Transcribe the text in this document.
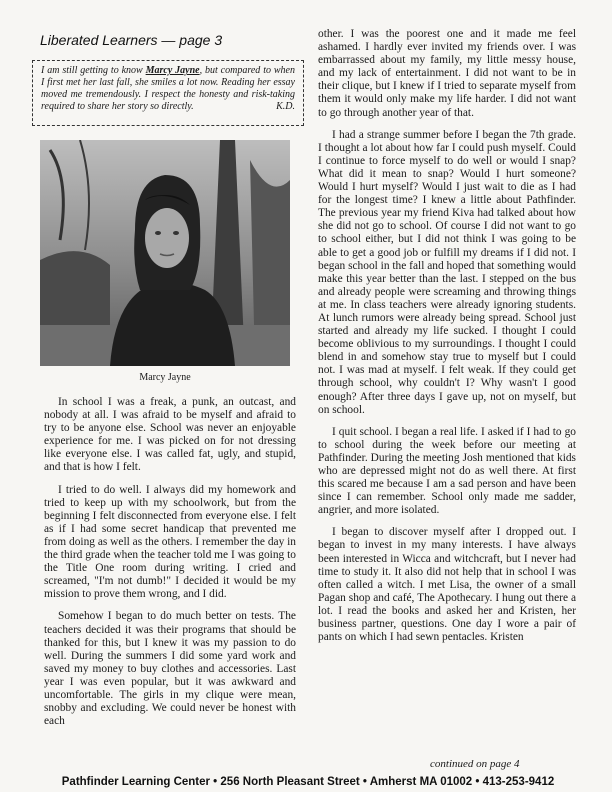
Liberated Learners — page 3
I am still getting to know Marcy Jayne, but compared to when I first met her last fall, she smiles a lot now. Reading her essay moved me tremendously. I respect the honesty and risk-taking required to share her story so directly.	K.D.
Marcy Jayne

In school I was a freak, a punk, an outcast, and nobody at all. I was afraid to be myself and afraid to try to be anyone else. School was never an enjoyable experience for me. I was picked on for not dressing like everyone else. I was called fat, ugly, and stupid, and that is how I felt.

I tried to do well. I always did my homework and tried to keep up with my schoolwork, but from the beginning I felt disconnected from everyone else. I felt as if I had some secret handicap that prevented me from doing as well as the others. I remember the day in the third grade when the teacher told me I was going to the Title One room during writing. I cried and screamed, "I'm not dumb!" I decided it would be my mission to prove them wrong, and I did.

Somehow I began to do much better on tests. The teachers decided it was their programs that should be thanked for this, but I knew it was my passion to do well. During the summers I did some yard work and saved my money to buy clothes and accessories. Last year I was even popular, but it was awkward and uncomfortable. The girls in my clique were mean, snobby and excluding. We could never be honest with each

other. I was the poorest one and it made me feel ashamed. I hardly ever invited my friends over. I was embarrassed about my family, my little messy house, and my lack of entertainment. I did not want to be in their clique, but I knew if I tried to separate myself from them it would only make my life harder. I did not want to go through another year of that.

I had a strange summer before I began the 7th grade. I thought a lot about how far I could push myself. Could I continue to force myself to do well or would I snap? What did it mean to snap? Would I hurt someone? Would I hurt myself? Would I just wait to die as I had for the longest time? I knew a little about Pathfinder. The previous year my friend Kiva had talked about how she did not go to school. Of course I did not want to go to school either, but I did not think I was going to be able to get a good job or fulfill my dreams if I did not. I began school in the fall and hoped that something would make this year better than the last. I stepped on the bus and already people were screaming and throwing things at me. In class teachers were already ignoring students. At lunch rumors were already being spread. School just started and already my life sucked. I thought I could become oblivious to my surroundings. I thought I could blend in and somehow stay true to myself but I could not. I was mad at myself. I felt weak. If they could get through school, why couldn't I? Why wasn't I good enough? After three days I gave up, not on myself, but on school.

I quit school. I began a real life. I asked if I had to go to school during the week before our meeting at Pathfinder. During the meeting Josh mentioned that kids who are depressed might not do as well there. At first this scared me because I am a sad person and have been since I can remember. School only made me sadder, angrier, and more isolated.

I began to discover myself after I dropped out. I began to invest in my many interests. I have always been interested in Wicca and witchcraft, but I never had time to study it. It also did not help that in school I was often called a witch. I met Lisa, the owner of a small Pagan shop and café, The Apothecary. I hung out there a lot. I read the books and asked her and Kristen, her business partner, questions. One day I wore a pair of pants on which I had sewn pentacles. Kristen

continued on page 4
Pathfinder Learning Center • 256 North Pleasant Street • Amherst MA 01002 • 413-253-9412
